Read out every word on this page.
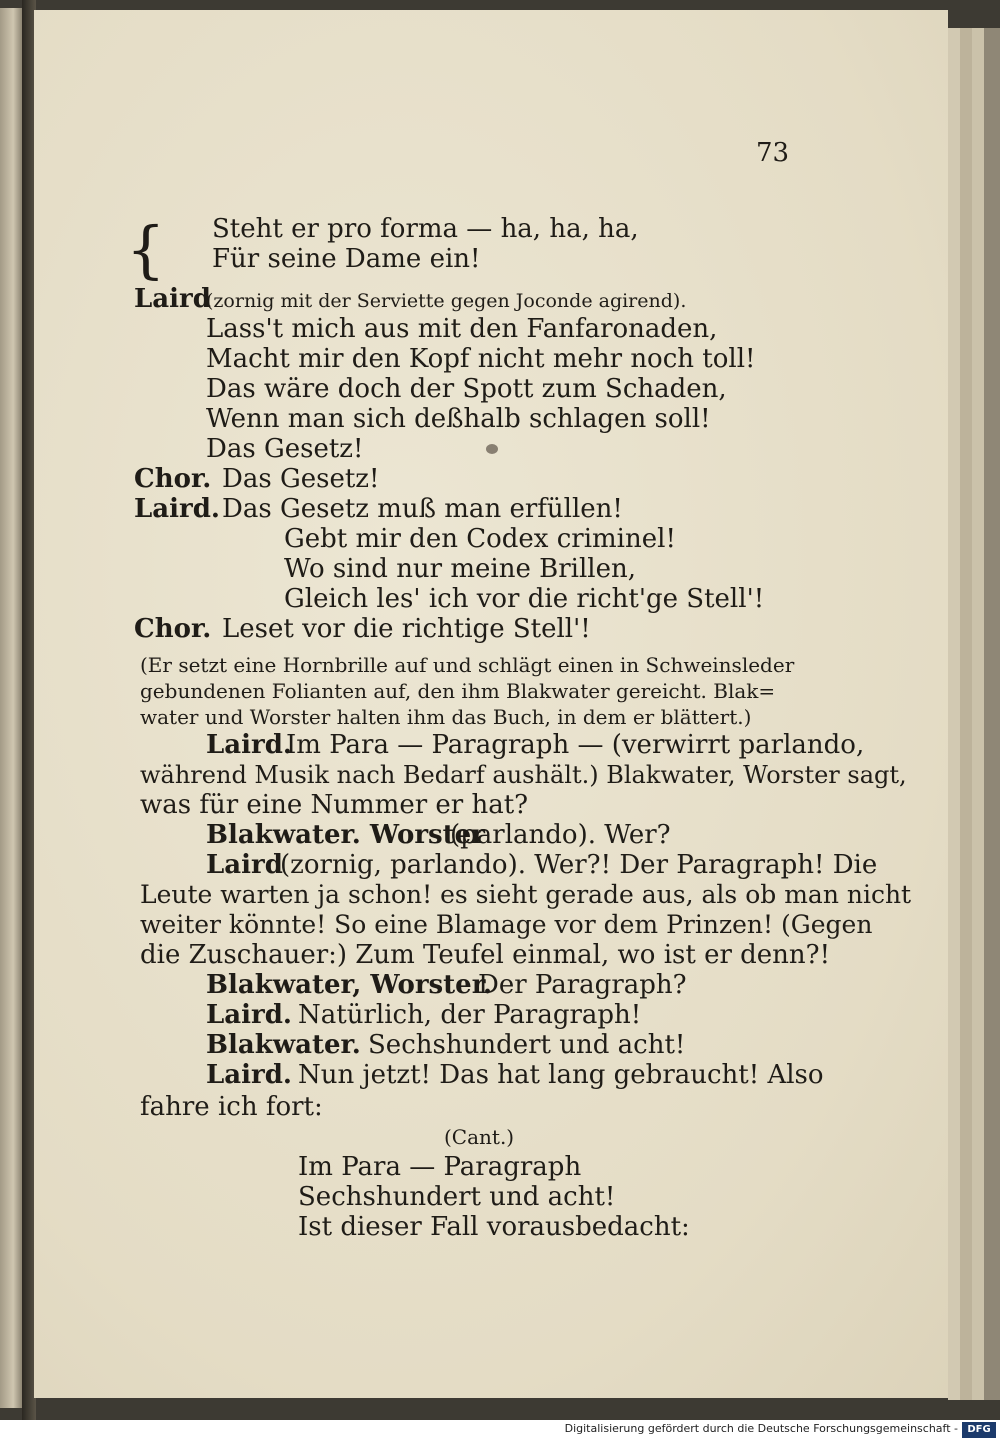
73
{ Steht er pro forma — ha, ha, ha,
Für seine Dame ein!
Laird
(zornig mit der Serviette gegen Joconde agirend).
Lass't mich aus mit den Fanfaronaden,
Macht mir den Kopf nicht mehr noch toll!
Das wäre doch der Spott zum Schaden,
Wenn man sich deßhalb schlagen soll!
Das Gesetz!
Chor. Das Gesetz!
Laird. Das Gesetz muß man erfüllen!
Gebt mir den Codex criminel!
Wo sind nur meine Brillen,
Gleich les' ich vor die richt'ge Stell'!
Chor. Leset vor die richtige Stell'!
(Er setzt eine Hornbrille auf und schlägt einen in Schweinsleder
gebundenen Folianten auf, den ihm Blakwater gereicht. Blak=
water und Worster halten ihm das Buch, in dem er blättert.)
Laird.
Im Para — Paragraph — (verwirrt parlando,
während Musik nach Bedarf aushält.) Blakwater, Worster sagt,
was für eine Nummer er hat?
Blakwater. Worster
(parlando). Wer?
Laird
(zornig, parlando). Wer?! Der Paragraph! Die
Leute warten ja schon! es sieht gerade aus, als ob man nicht
weiter könnte! So eine Blamage vor dem Prinzen! (Gegen
die Zuschauer:) Zum Teufel einmal, wo ist er denn?!
Blakwater, Worster.
Der Paragraph?
Laird. Natürlich, der Paragraph!
Blakwater. Sechshundert und acht!
Laird. Nun jetzt! Das hat lang gebraucht! Also
fahre ich fort:
(Cant.)
Im Para — Paragraph
Sechshundert und acht!
Ist dieser Fall vorausbedacht:
Digitalisierung gefördert durch die Deutsche Forschungsgemeinschaft - DFG
